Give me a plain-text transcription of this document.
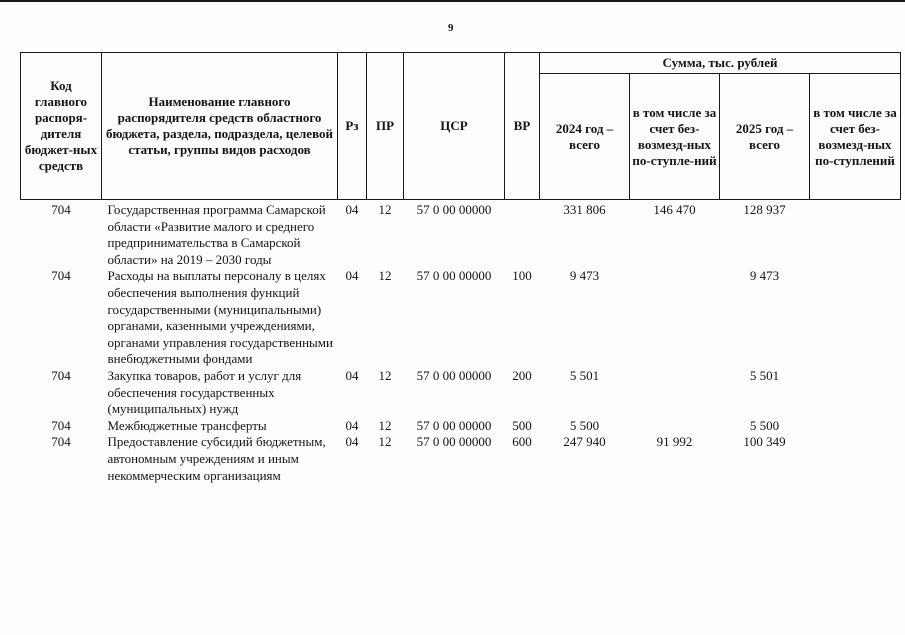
9
Код главного распоря-дителя бюджет-ных средств	Наименование главного распорядителя средств областного бюджета, раздела, подраздела, целевой статьи, группы видов расходов	Рз	ПР	ЦСР	ВР	Сумма, тыс. рублей			
						2024 год – всего	в том числе за счет без-возмезд-ных по-ступле-ний	2025 год – всего	в том числе за счет без-возмезд-ных по-ступлений
704	Государственная программа Самарской области «Развитие малого и среднего предпринимательства в Самарской области» на 2019 – 2030 годы	04	12	57 0 00 00000		331 806	146 470	128 937	
704	Расходы на выплаты персоналу в целях обеспечения выполнения функций государственными (муниципальными) органами, казенными учреждениями, органами управления государственными внебюджетными фондами	04	12	57 0 00 00000	100	9 473		9 473	
704	Закупка товаров, работ и услуг для обеспечения государственных (муниципальных) нужд	04	12	57 0 00 00000	200	5 501		5 501	
704	Межбюджетные трансферты	04	12	57 0 00 00000	500	5 500		5 500	
704	Предоставление субсидий бюджетным, автономным учреждениям и иным некоммерческим организациям	04	12	57 0 00 00000	600	247 940	91 992	100 349	
